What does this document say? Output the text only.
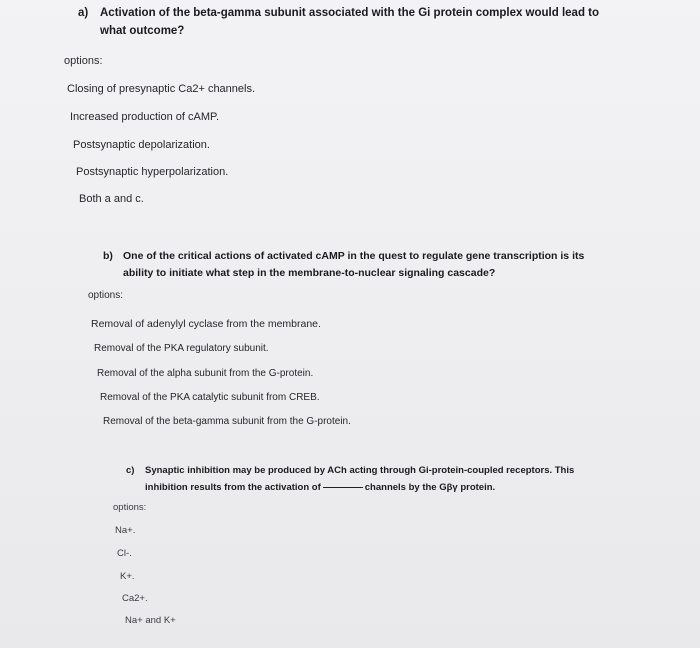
a) Activation of the beta-gamma subunit associated with the Gi protein complex would lead to
what outcome?
options:
Closing of presynaptic Ca2+ channels.
Increased production of cAMP.
Postsynaptic depolarization.
Postsynaptic hyperpolarization.
Both a and c.
b) One of the critical actions of activated cAMP in the quest to regulate gene transcription is its
ability to initiate what step in the membrane-to-nuclear signaling cascade?
options:
Removal of adenylyl cyclase from the membrane.
Removal of the PKA regulatory subunit.
Removal of the alpha subunit from the G-protein.
Removal of the PKA catalytic subunit from CREB.
Removal of the beta-gamma subunit from the G-protein.
c) Synaptic inhibition may be produced by ACh acting through Gi-protein-coupled receptors. This
inhibition results from the activation of	channels by the Gβγ protein.
options:
Na+.
Cl-.
K+.
Ca2+.
Na+ and K+
